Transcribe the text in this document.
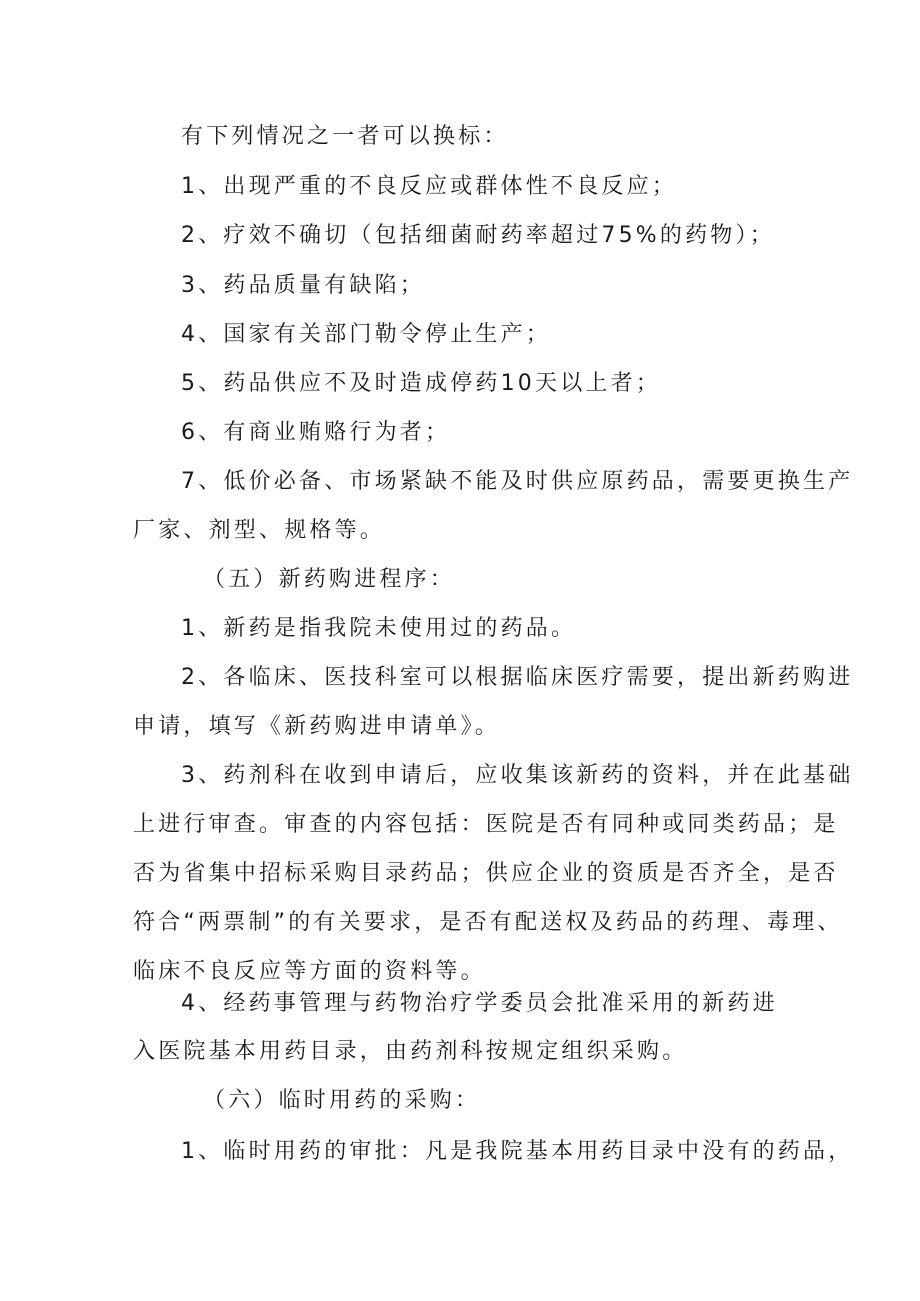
有下列情况之一者可以换标：
1、出现严重的不良反应或群体性不良反应；
2、疗效不确切（包括细菌耐药率超过75%的药物）；
3、药品质量有缺陷；
4、国家有关部门勒令停止生产；
5、药品供应不及时造成停药10天以上者；
6、有商业贿赂行为者；
7、低价必备、市场紧缺不能及时供应原药品，需要更换生产
厂家、剂型、规格等。
（五）新药购进程序：
1、新药是指我院未使用过的药品。
2、各临床、医技科室可以根据临床医疗需要，提出新药购进
申请，填写《新药购进申请单》。
3、药剂科在收到申请后，应收集该新药的资料，并在此基础
上进行审查。审查的内容包括：医院是否有同种或同类药品；是
否为省集中招标采购目录药品；供应企业的资质是否齐全，是否
符合“两票制”的有关要求，是否有配送权及药品的药理、毒理、
临床不良反应等方面的资料等。
4、经药事管理与药物治疗学委员会批准采用的新药进
入医院基本用药目录，由药剂科按规定组织采购。
（六）临时用药的采购：
1、临时用药的审批：凡是我院基本用药目录中没有的药品，
